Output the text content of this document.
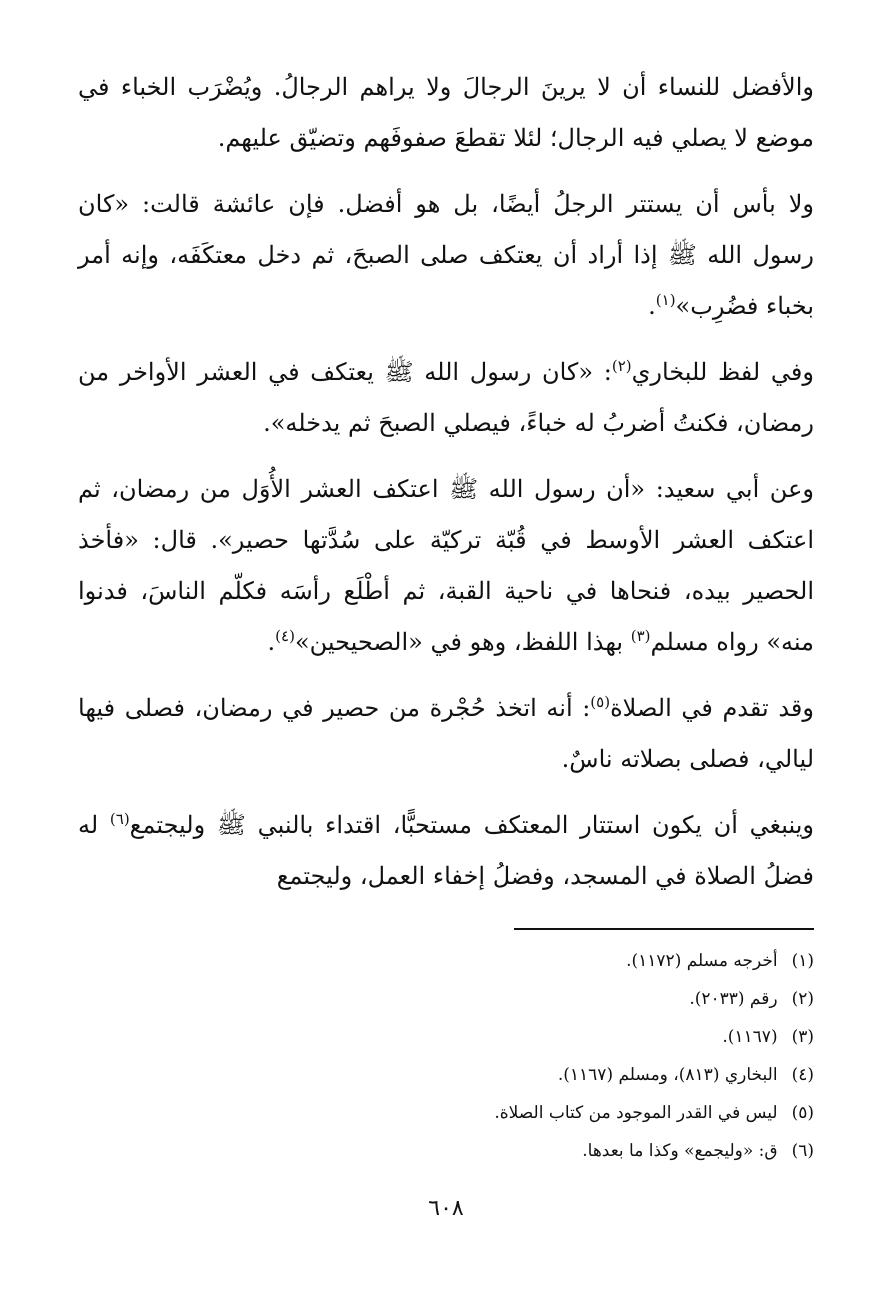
والأفضل للنساء أن لا يرينَ الرجالَ ولا يراهم الرجالُ. ويُضْرَب الخباء في موضع لا يصلي فيه الرجال؛ لئلا تقطعَ صفوفَهم وتضيّق عليهم.

ولا بأس أن يستتر الرجلُ أيضًا، بل هو أفضل. فإن عائشة قالت: «كان رسول الله ﷺ إذا أراد أن يعتكف صلى الصبحَ، ثم دخل معتكَفَه، وإنه أمر بخباء فضُرِب»$^{(١)}$.

وفي لفظ للبخاري$^{(٢)}$: «كان رسول الله ﷺ يعتكف في العشر الأواخر من رمضان، فكنتُ أضربُ له خباءً، فيصلي الصبحَ ثم يدخله».

وعن أبي سعيد: «أن رسول الله ﷺ اعتكف العشر الأُوَل من رمضان، ثم اعتكف العشر الأوسط في قُبّة تركيّة على سُدَّتها حصير». قال: «فأخذ الحصير بيده، فنحاها في ناحية القبة، ثم أطْلَع رأسَه فكلّم الناسَ، فدنوا منه» رواه مسلم$^{(٣)}$ بهذا اللفظ، وهو في «الصحيحين»$^{(٤)}$.

وقد تقدم في الصلاة$^{(٥)}$: أنه اتخذ حُجْرة من حصير في رمضان، فصلى فيها ليالي، فصلى بصلاته ناسٌ.

وينبغي أن يكون استتار المعتكف مستحبًّا، اقتداء بالنبي ﷺ وليجتمع$^{(٦)}$ له فضلُ الصلاة في المسجد، وفضلُ إخفاء العمل، وليجتمع

(١)أخرجه مسلم (١١٧٢).
(٢)رقم (٢٠٣٣).
(٣)(١١٦٧).
(٤)البخاري (٨١٣)، ومسلم (١١٦٧).
(٥)ليس في القدر الموجود من كتاب الصلاة.
(٦)ق: «وليجمع» وكذا ما بعدها.
٦٠٨
